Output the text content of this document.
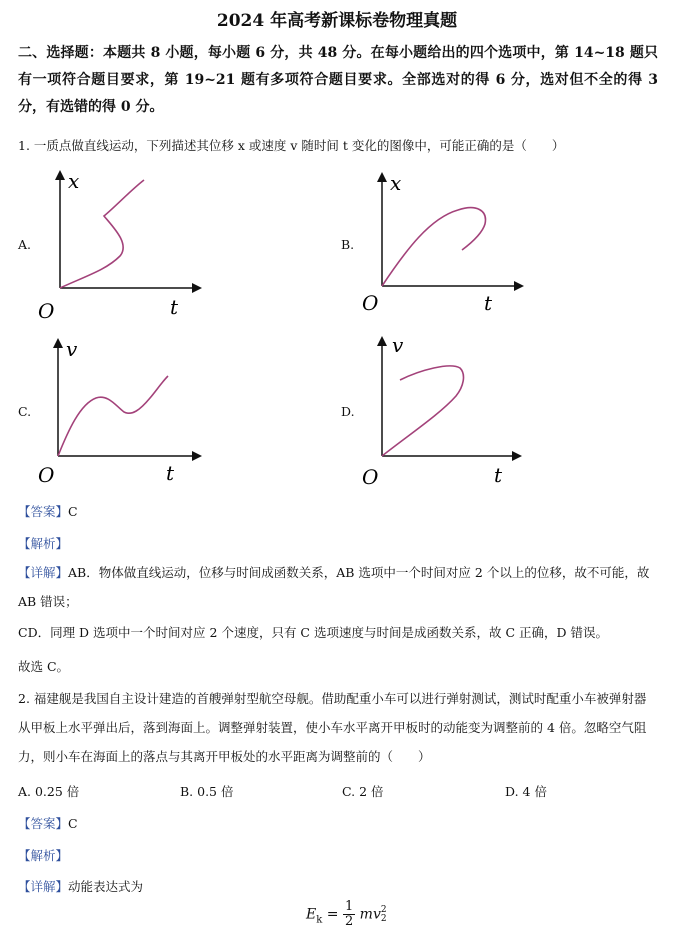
2024 年高考新课标卷物理真题
二、选择题：本题共 8 小题，每小题 6 分，共 48 分。在每小题给出的四个选项中，第 14~18 题只有一项符合题目要求，第 19~21 题有多项符合题目要求。全部选对的得 6 分，选对但不全的得 3 分，有选错的得 0 分。
1. 一质点做直线运动，下列描述其位移 x 或速度 v 随时间 t 变化的图像中，可能正确的是（　　）
A.
x
t
O
B.
x
t
O
C.
v
t
O
D.
v
t
O
【答案】C
【解析】
【详解】AB．物体做直线运动，位移与时间成函数关系，AB 选项中一个时间对应 2 个以上的位移，故不可能，故 AB 错误；
CD．同理 D 选项中一个时间对应 2 个速度，只有 C 选项速度与时间是成函数关系，故 C 正确，D 错误。
故选 C。
2. 福建舰是我国自主设计建造的首艘弹射型航空母舰。借助配重小车可以进行弹射测试，测试时配重小车被弹射器从甲板上水平弹出后，落到海面上。调整弹射装置，使小车水平离开甲板时的动能变为调整前的 4 倍。忽略空气阻力，则小车在海面上的落点与其离开甲板处的水平距离为调整前的（　　）
A. 0.25 倍	B. 0.5 倍	C. 2 倍	D. 4 倍
【答案】C
【解析】
【详解】动能表达式为
$E_k = \frac{1}{2}$ mv 2
2
